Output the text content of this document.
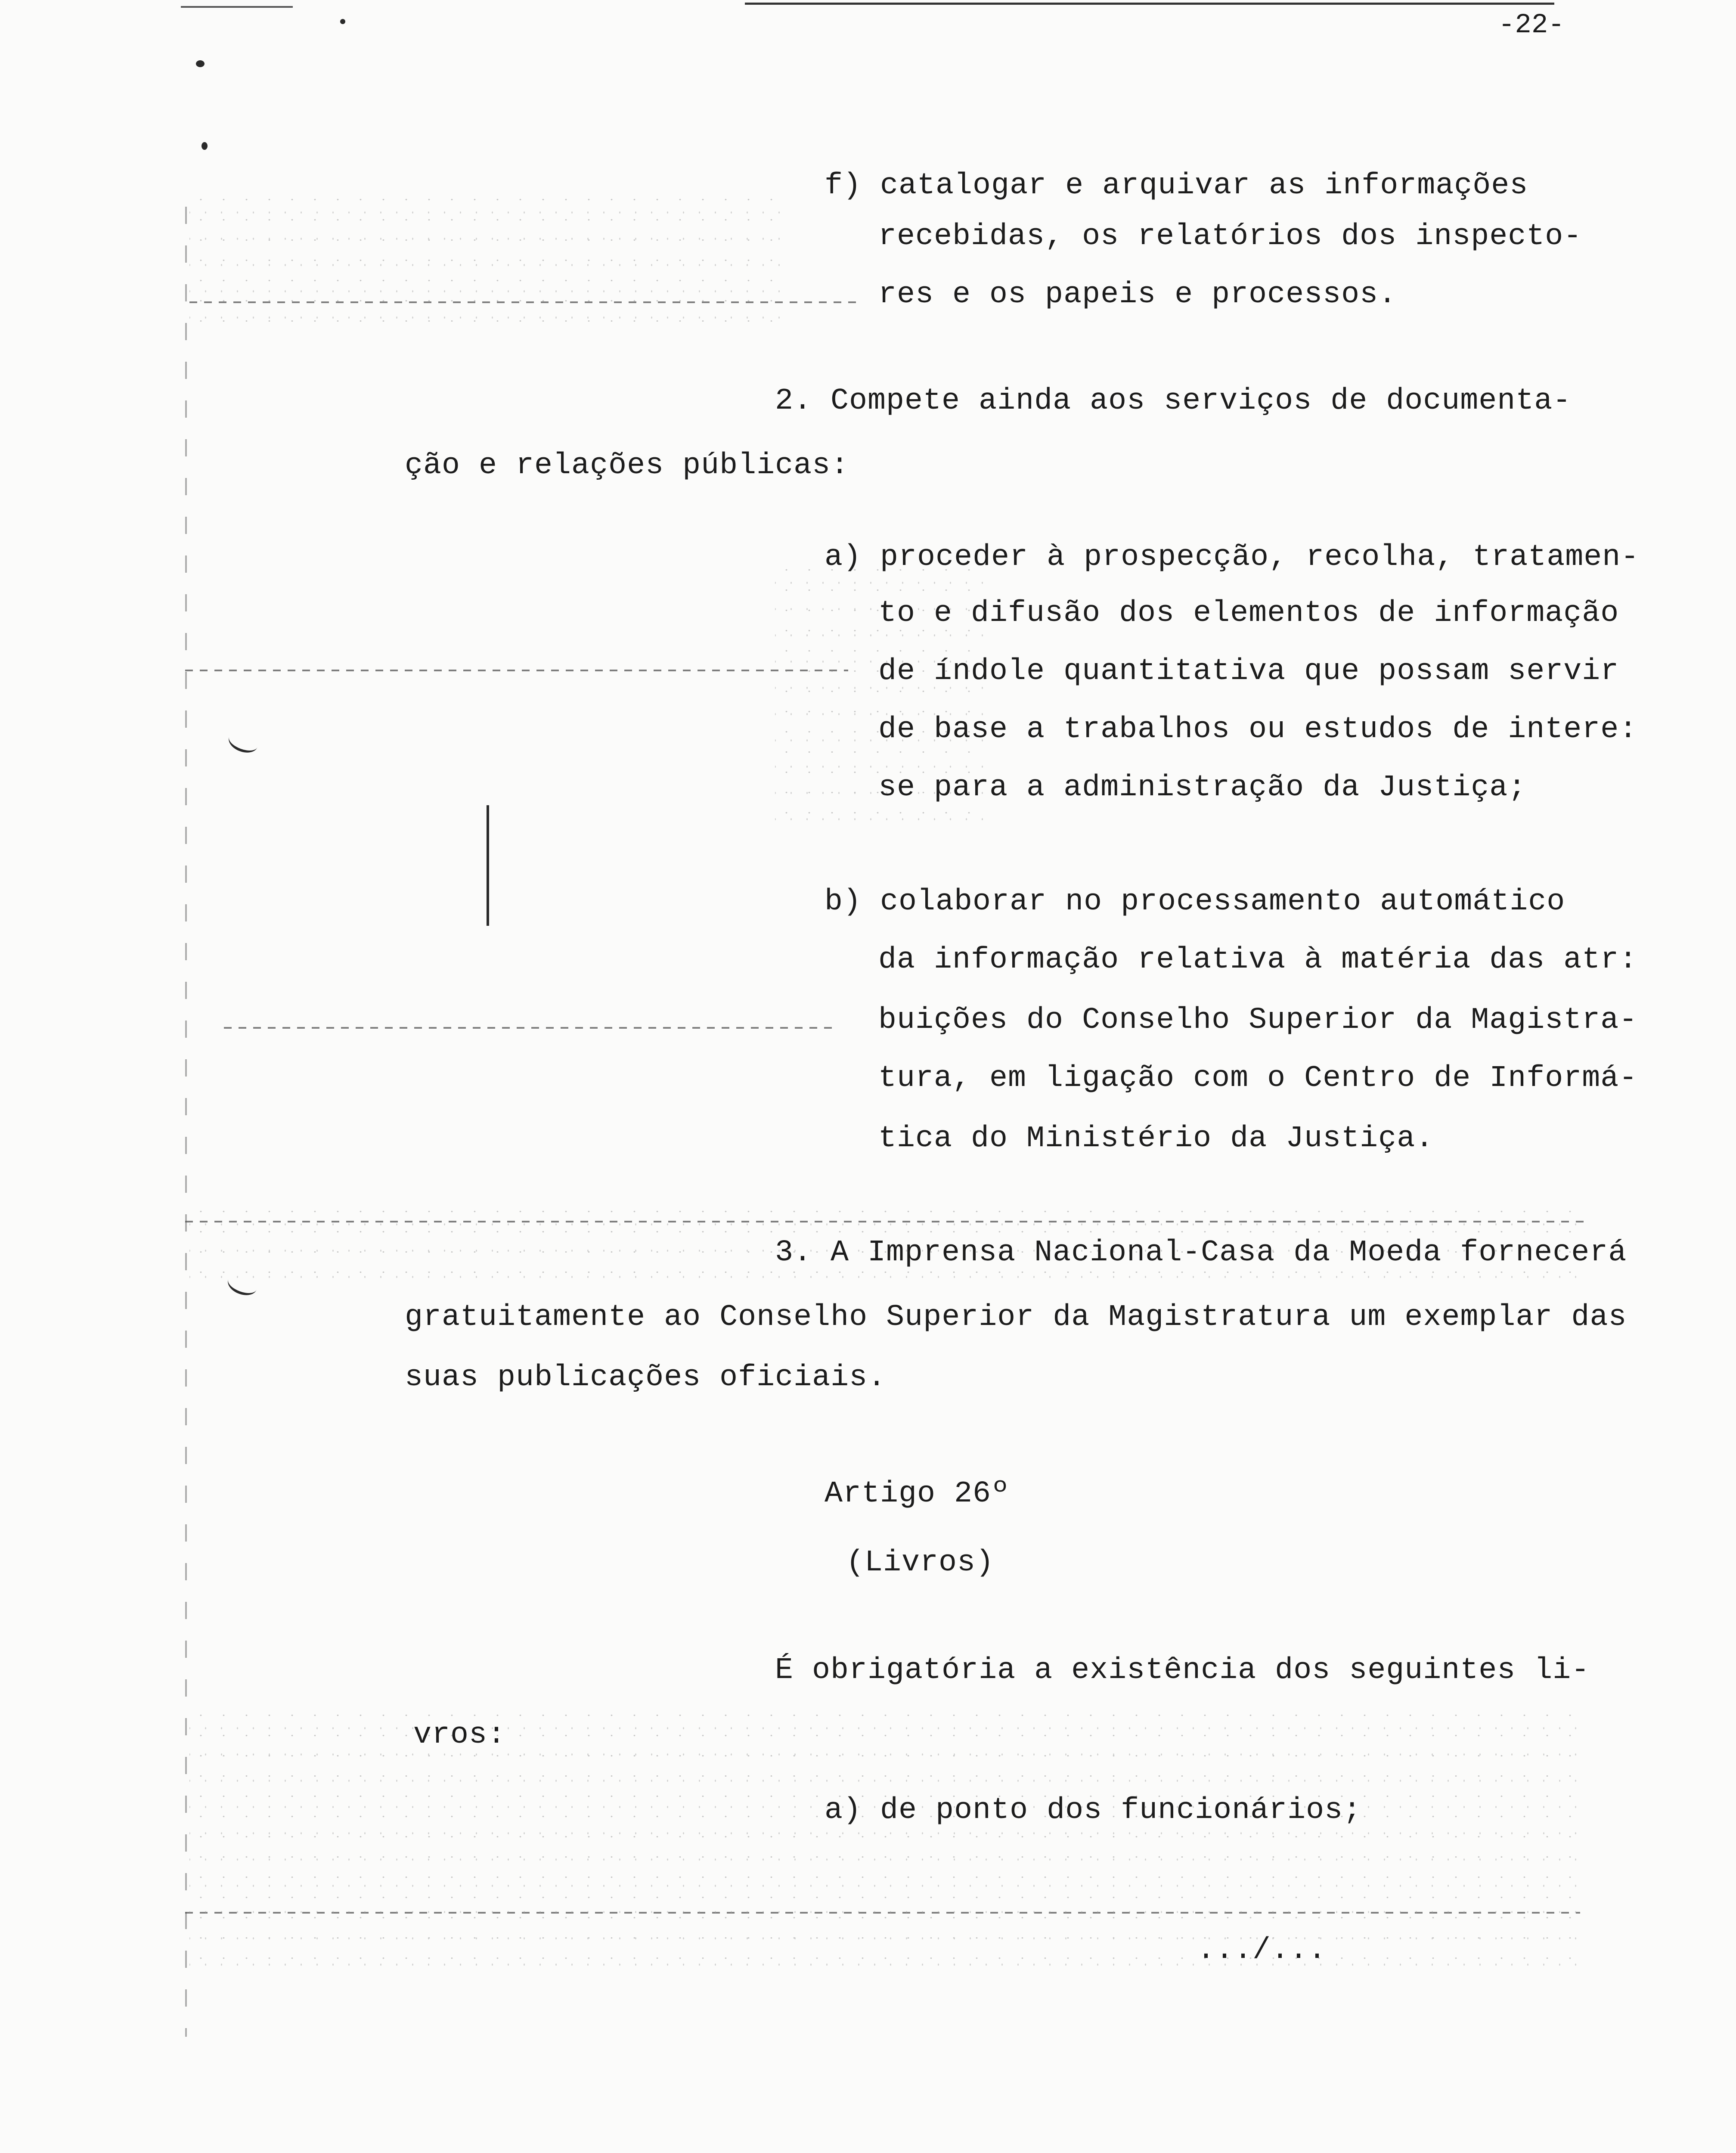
-22-
f) catalogar e arquivar as informações
recebidas, os relatórios dos inspecto-
res e os papeis e processos.
2. Compete ainda aos serviços de documenta-
ção e relações públicas:
a) proceder à prospecção, recolha, tratamen-
to e difusão dos elementos de informação
de índole quantitativa que possam servir
de base a trabalhos ou estudos de intere:
se para a administração da Justiça;
b) colaborar no processamento automático
da informação relativa à matéria das atr:
buições do Conselho Superior da Magistra-
tura, em ligação com o Centro de Informá-
tica do Ministério da Justiça.
3. A Imprensa Nacional-Casa da Moeda fornecerá
gratuitamente ao Conselho Superior da Magistratura um exemplar das
suas publicações oficiais.
Artigo 26º
(Livros)
É obrigatória a existência dos seguintes li-
vros:
a) de ponto dos funcionários;
.../...
